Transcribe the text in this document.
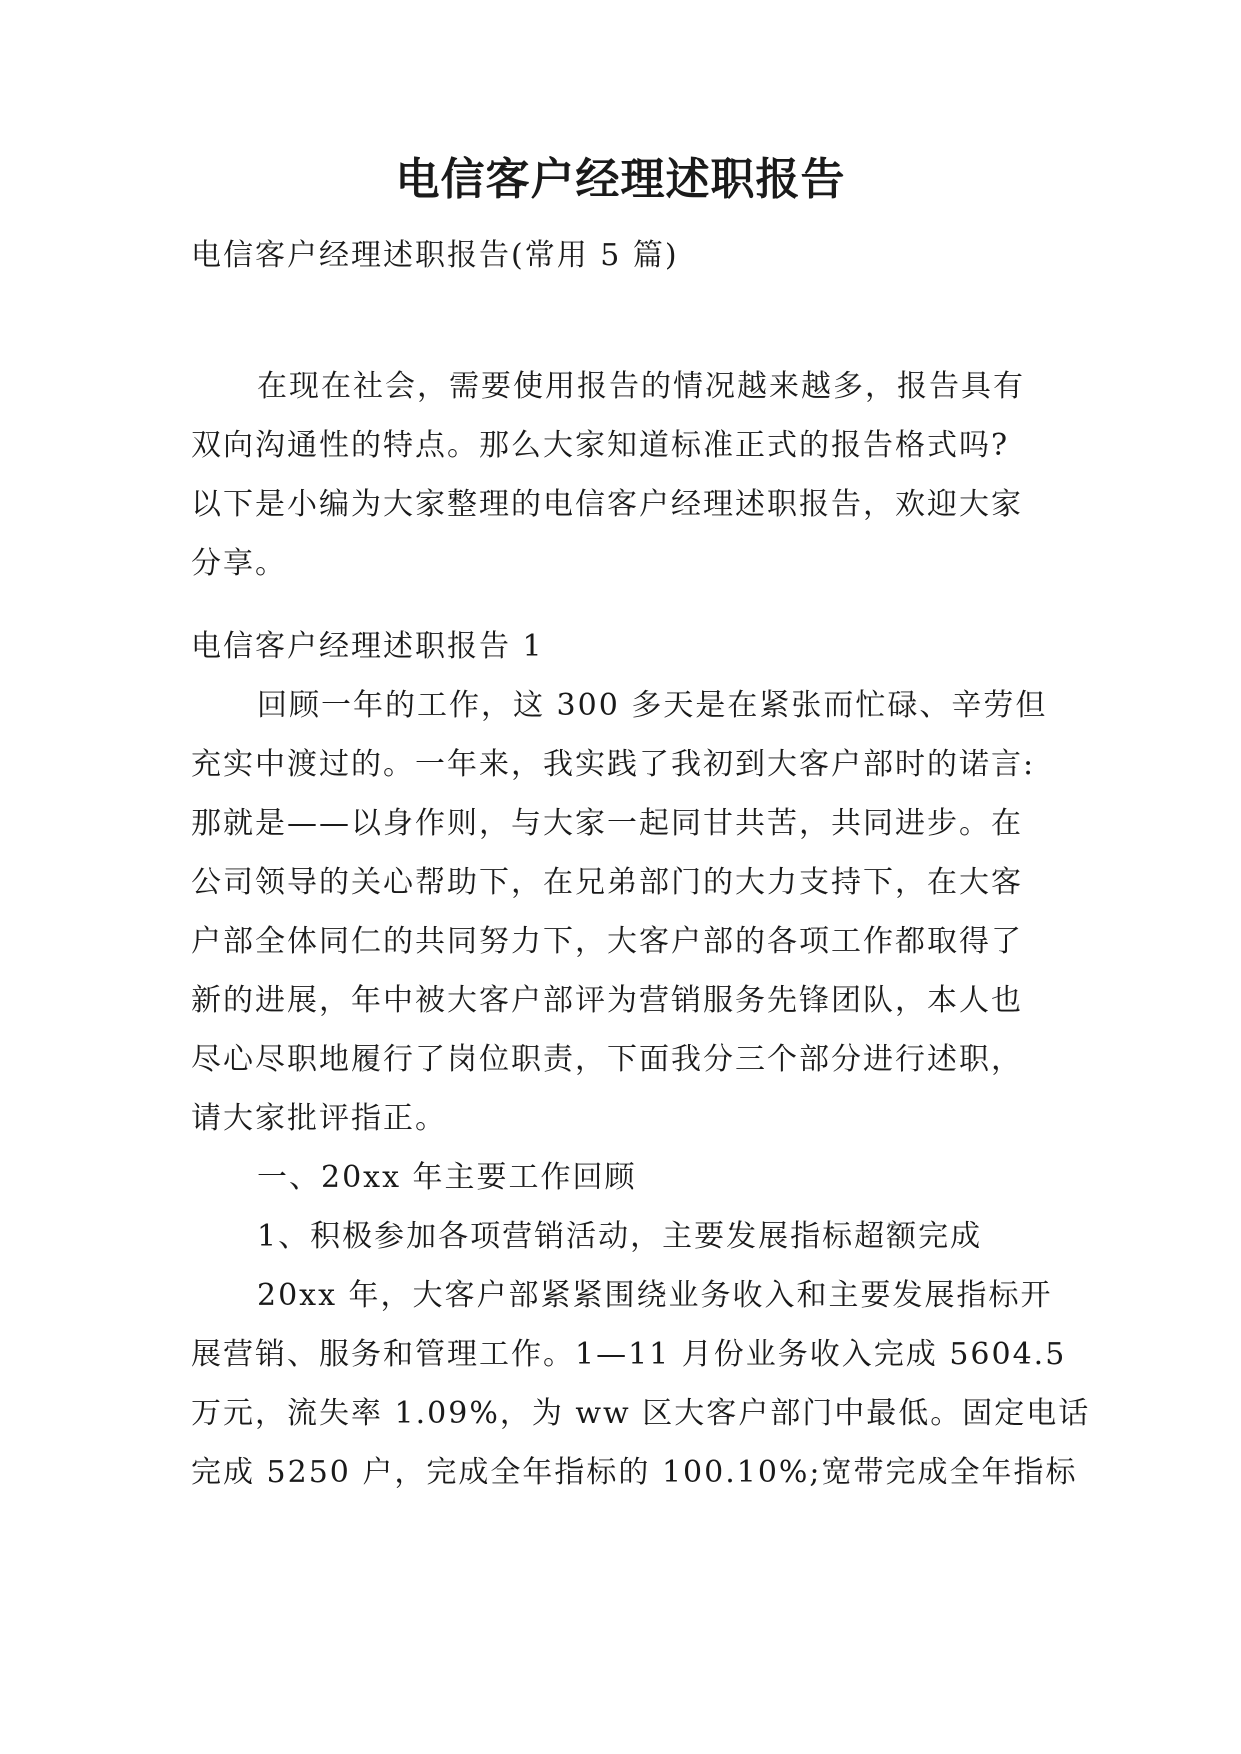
电信客户经理述职报告

电信客户经理述职报告(常用 5 篇)

在现在社会，需要使用报告的情况越来越多，报告具有
双向沟通性的特点。那么大家知道标准正式的报告格式吗?
以下是小编为大家整理的电信客户经理述职报告，欢迎大家
分享。

电信客户经理述职报告 1

回顾一年的工作，这 300 多天是在紧张而忙碌、辛劳但
充实中渡过的。一年来，我实践了我初到大客户部时的诺言:
那就是——以身作则，与大家一起同甘共苦，共同进步。在
公司领导的关心帮助下，在兄弟部门的大力支持下，在大客
户部全体同仁的共同努力下，大客户部的各项工作都取得了
新的进展，年中被大客户部评为营销服务先锋团队，本人也
尽心尽职地履行了岗位职责，下面我分三个部分进行述职，
请大家批评指正。

一、20xx 年主要工作回顾

1、积极参加各项营销活动，主要发展指标超额完成

20xx 年，大客户部紧紧围绕业务收入和主要发展指标开
展营销、服务和管理工作。1—11 月份业务收入完成 5604.5
万元，流失率 1.09%，为 ww 区大客户部门中最低。固定电话
完成 5250 户，完成全年指标的 100.10%;宽带完成全年指标
